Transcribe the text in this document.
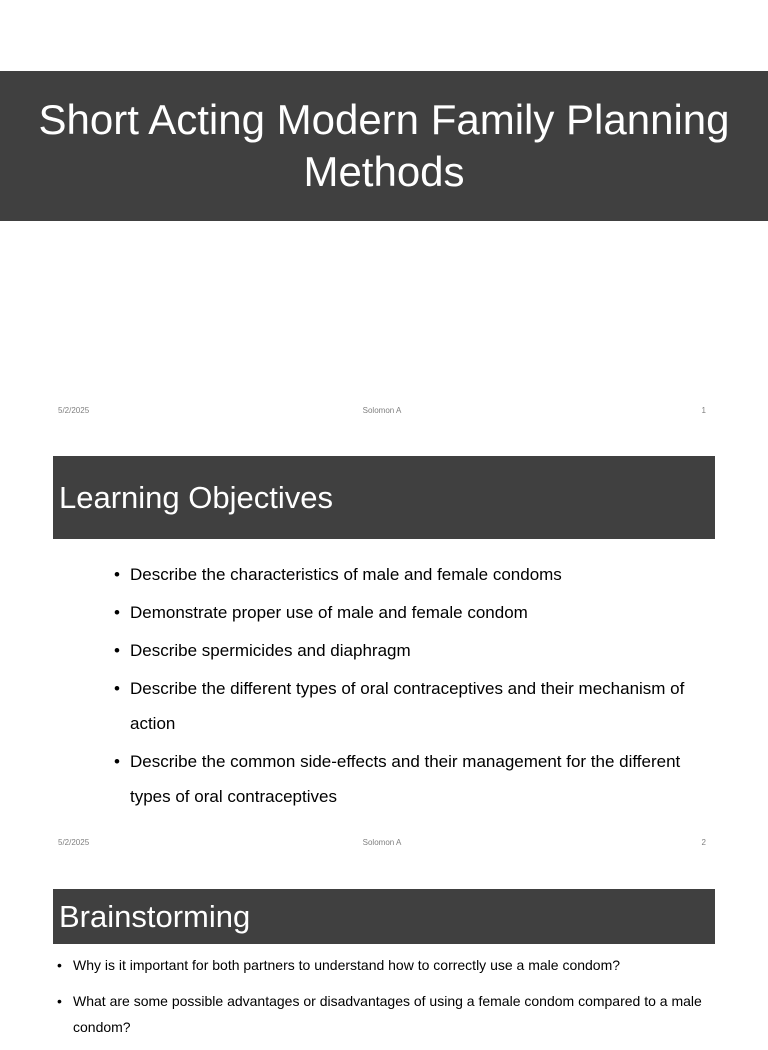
Short Acting Modern Family Planning Methods
5/2/2025	Solomon A	1
Learning Objectives
• Describe the characteristics of male and female condoms
• Demonstrate proper use of male and female condom
• Describe spermicides and diaphragm
• Describe the different types of oral contraceptives and their mechanism of action
• Describe the common side-effects and their management for the different types of oral contraceptives
5/2/2025	Solomon A	2
Brainstorming
• Why is it important for both partners to understand how to correctly use a male condom?
• What are some possible advantages or disadvantages of using a female condom compared to a male condom?
